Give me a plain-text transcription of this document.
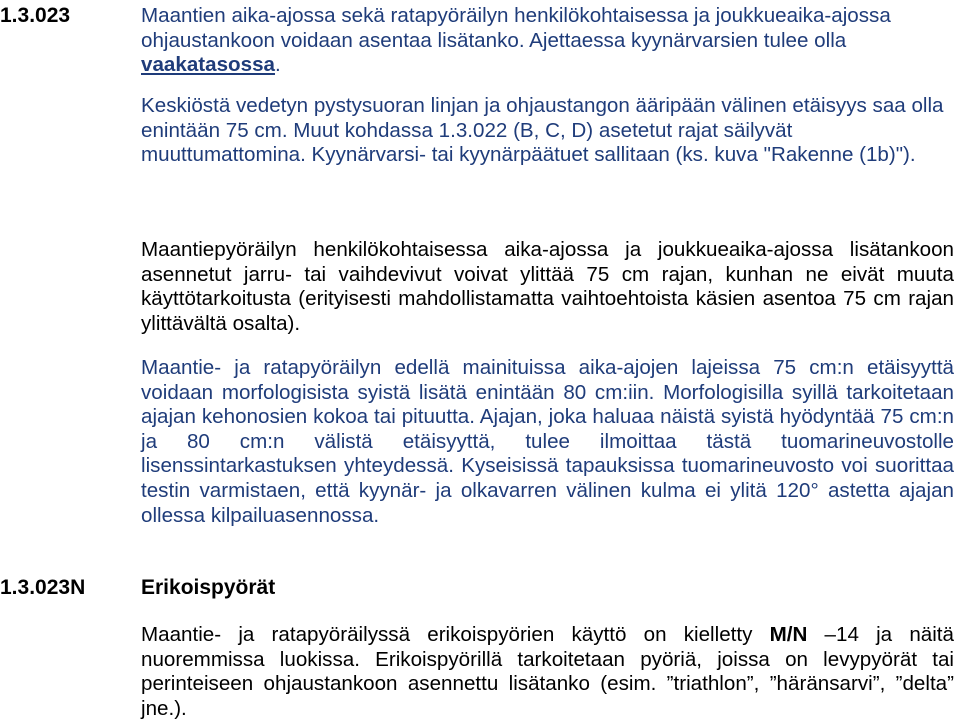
1.3.023	Maantien aika-ajossa sekä ratapyöräilyn henkilökohtaisessa ja joukkueaika-ajossa ohjaustankoon voidaan asentaa lisätanko. Ajettaessa kyynärvarsien tulee olla vaakatasossa.
Keskiöstä vedetyn pystysuoran linjan ja ohjaustangon ääripään välinen etäisyys saa olla enintään 75 cm. Muut kohdassa 1.3.022 (B, C, D) asetetut rajat säilyvät muuttumattomina. Kyynärvarsi- tai kyynärpäätuet sallitaan (ks. kuva "Rakenne (1b)").
Maantiepyöräilyn henkilökohtaisessa aika-ajossa ja joukkueaika-ajossa lisätankoon asennetut jarru- tai vaihdevivut voivat ylittää 75 cm rajan, kunhan ne eivät muuta käyttötarkoitusta (erityisesti mahdollistamatta vaihtoehtoista käsien asentoa 75 cm rajan ylittävältä osalta).
Maantie- ja ratapyöräilyn edellä mainituissa aika-ajojen lajeissa 75 cm:n etäisyyttä voidaan morfologisista syistä lisätä enintään 80 cm:iin. Morfologisilla syillä tarkoitetaan ajajan kehonosien kokoa tai pituutta. Ajajan, joka haluaa näistä syistä hyödyntää 75 cm:n ja 80 cm:n välistä etäisyyttä, tulee ilmoittaa tästä tuomarineuvostolle lisenssintarkastuksen yhteydessä. Kyseisissä tapauksissa tuomarineuvosto voi suorittaa testin varmistaen, että kyynär- ja olkavarren välinen kulma ei ylitä 120° astetta ajajan ollessa kilpailuasennossa.
1.3.023N	Erikoispyörät
Maantie- ja ratapyöräilyssä erikoispyörien käyttö on kielletty M/N –14 ja näitä nuoremmissa luokissa. Erikoispyörillä tarkoitetaan pyöriä, joissa on levypyörät tai perinteiseen ohjaustankoon asennettu lisätanko (esim. ”triathlon”, ”häränsarvi”, ”delta” jne.).
